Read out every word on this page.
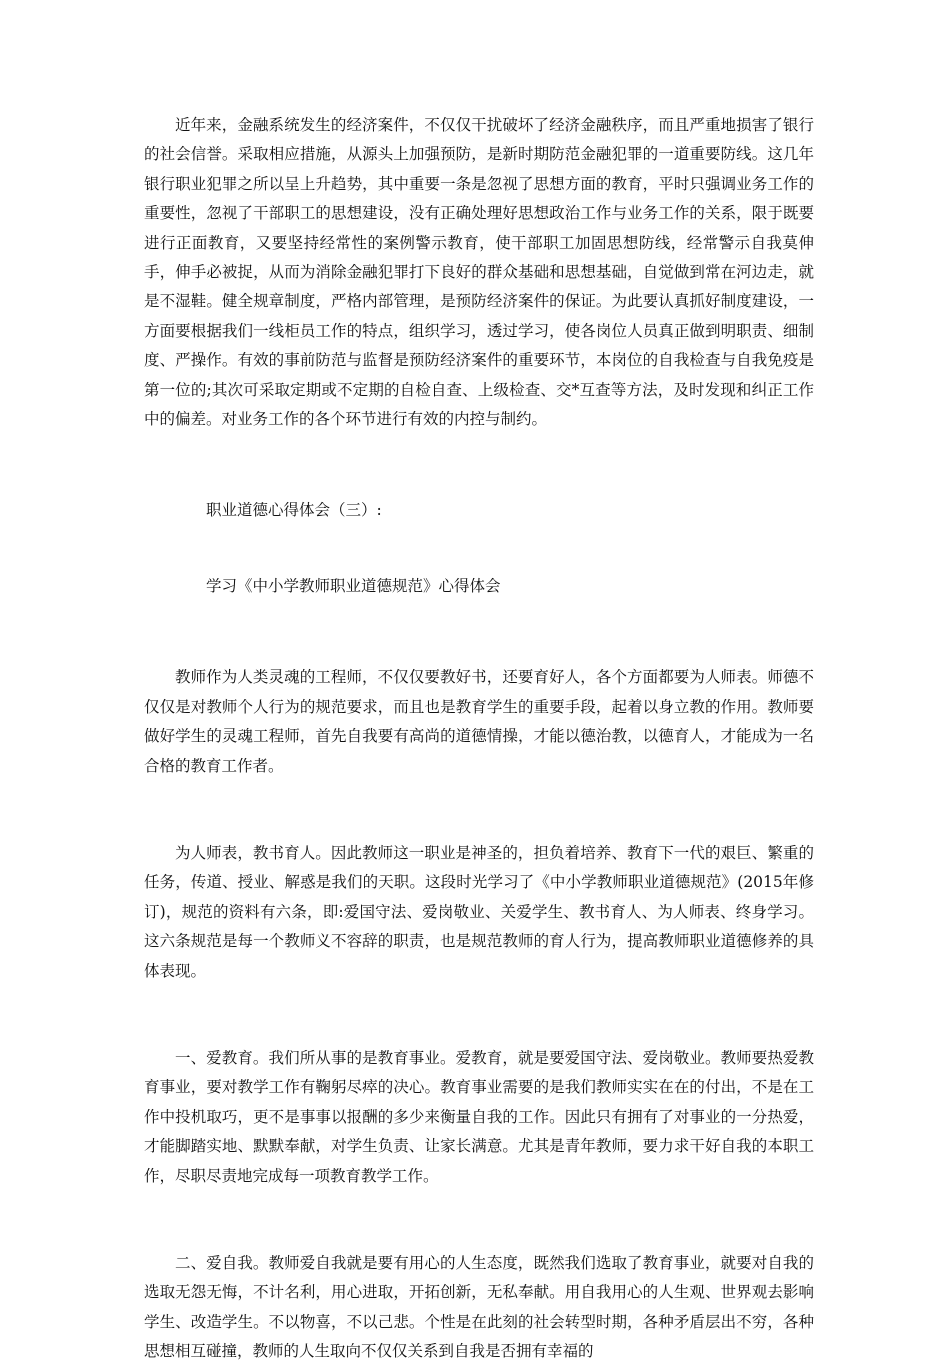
近年来，金融系统发生的经济案件，不仅仅干扰破坏了经济金融秩序，而且严重地损害了银行的社会信誉。采取相应措施，从源头上加强预防，是新时期防范金融犯罪的一道重要防线。这几年银行职业犯罪之所以呈上升趋势，其中重要一条是忽视了思想方面的教育，平时只强调业务工作的重要性，忽视了干部职工的思想建设，没有正确处理好思想政治工作与业务工作的关系，限于既要进行正面教育，又要坚持经常性的案例警示教育，使干部职工加固思想防线，经常警示自我莫伸手，伸手必被捉，从而为消除金融犯罪打下良好的群众基础和思想基础，自觉做到常在河边走，就是不湿鞋。健全规章制度，严格内部管理，是预防经济案件的保证。为此要认真抓好制度建设，一方面要根据我们一线柜员工作的特点，组织学习，透过学习，使各岗位人员真正做到明职责、细制度、严操作。有效的事前防范与监督是预防经济案件的重要环节，本岗位的自我检查与自我免疫是第一位的;其次可采取定期或不定期的自检自查、上级检查、交*互查等方法，及时发现和纠正工作中的偏差。对业务工作的各个环节进行有效的内控与制约。

职业道德心得体会（三）:

学习《中小学教师职业道德规范》心得体会

教师作为人类灵魂的工程师，不仅仅要教好书，还要育好人，各个方面都要为人师表。师德不仅仅是对教师个人行为的规范要求，而且也是教育学生的重要手段，起着以身立教的作用。教师要做好学生的灵魂工程师，首先自我要有高尚的道德情操，才能以德治教，以德育人，才能成为一名合格的教育工作者。

为人师表，教书育人。因此教师这一职业是神圣的，担负着培养、教育下一代的艰巨、繁重的任务，传道、授业、解惑是我们的天职。这段时光学习了《中小学教师职业道德规范》(2015年修订)，规范的资料有六条，即:爱国守法、爱岗敬业、关爱学生、教书育人、为人师表、终身学习。这六条规范是每一个教师义不容辞的职责，也是规范教师的育人行为，提高教师职业道德修养的具体表现。

一、爱教育。我们所从事的是教育事业。爱教育，就是要爱国守法、爱岗敬业。教师要热爱教育事业，要对教学工作有鞠躬尽瘁的决心。教育事业需要的是我们教师实实在在的付出，不是在工作中投机取巧，更不是事事以报酬的多少来衡量自我的工作。因此只有拥有了对事业的一分热爱，才能脚踏实地、默默奉献，对学生负责、让家长满意。尤其是青年教师，要力求干好自我的本职工作，尽职尽责地完成每一项教育教学工作。

二、爱自我。教师爱自我就是要有用心的人生态度，既然我们选取了教育事业，就要对自我的选取无怨无悔，不计名利，用心进取，开拓创新，无私奉献。用自我用心的人生观、世界观去影响学生、改造学生。不以物喜，不以己悲。个性是在此刻的社会转型时期，各种矛盾层出不穷，各种思想相互碰撞，教师的人生取向不仅仅关系到自我是否拥有幸福的
